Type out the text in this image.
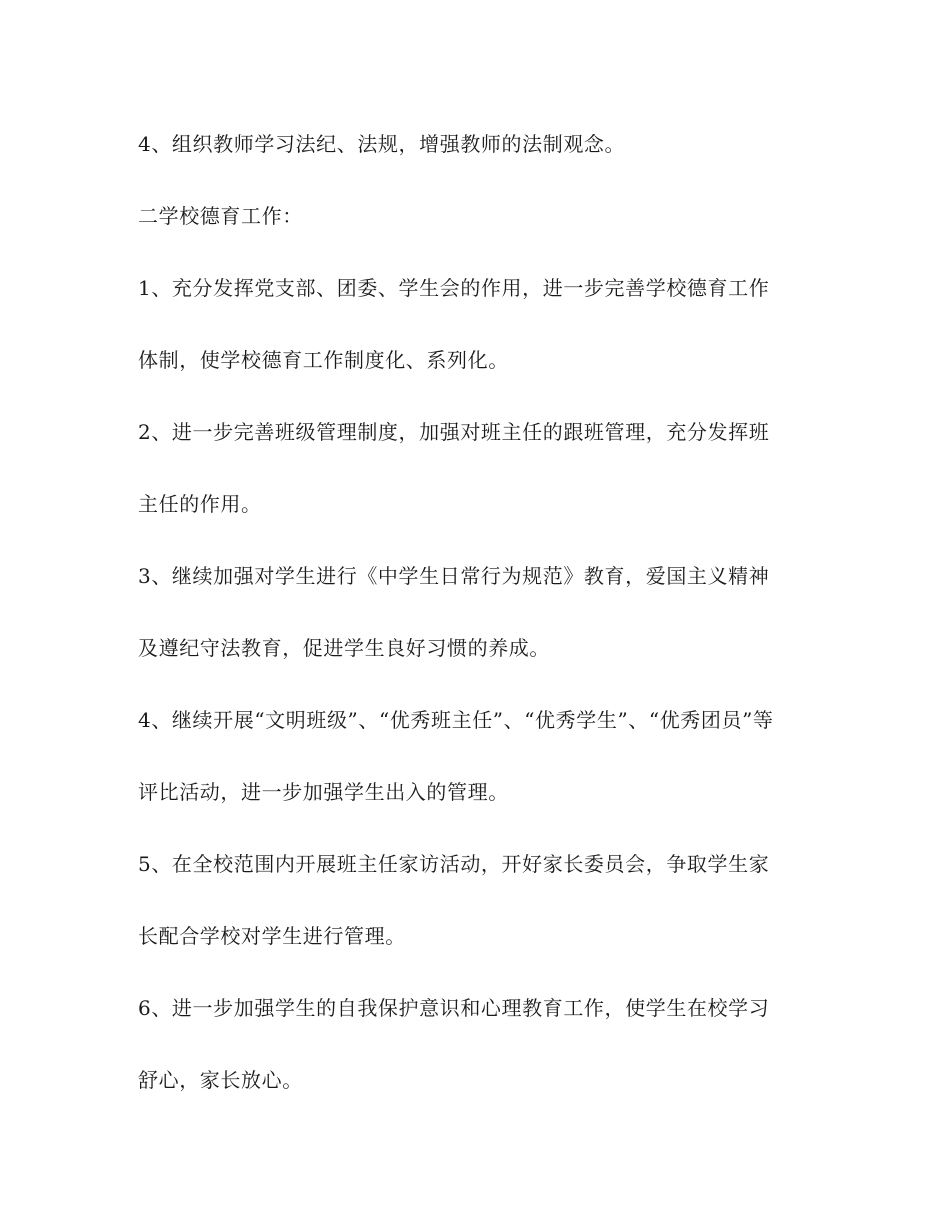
4、组织教师学习法纪、法规，增强教师的法制观念。
二学校德育工作：
1、充分发挥党支部、团委、学生会的作用，进一步完善学校德育工作
体制，使学校德育工作制度化、系列化。
2、进一步完善班级管理制度，加强对班主任的跟班管理，充分发挥班
主任的作用。
3、继续加强对学生进行《中学生日常行为规范》教育，爱国主义精神
及遵纪守法教育，促进学生良好习惯的养成。
4、继续开展“文明班级”、“优秀班主任”、“优秀学生”、“优秀团员”等
评比活动，进一步加强学生出入的管理。
5、在全校范围内开展班主任家访活动，开好家长委员会，争取学生家
长配合学校对学生进行管理。
6、进一步加强学生的自我保护意识和心理教育工作，使学生在校学习
舒心，家长放心。
